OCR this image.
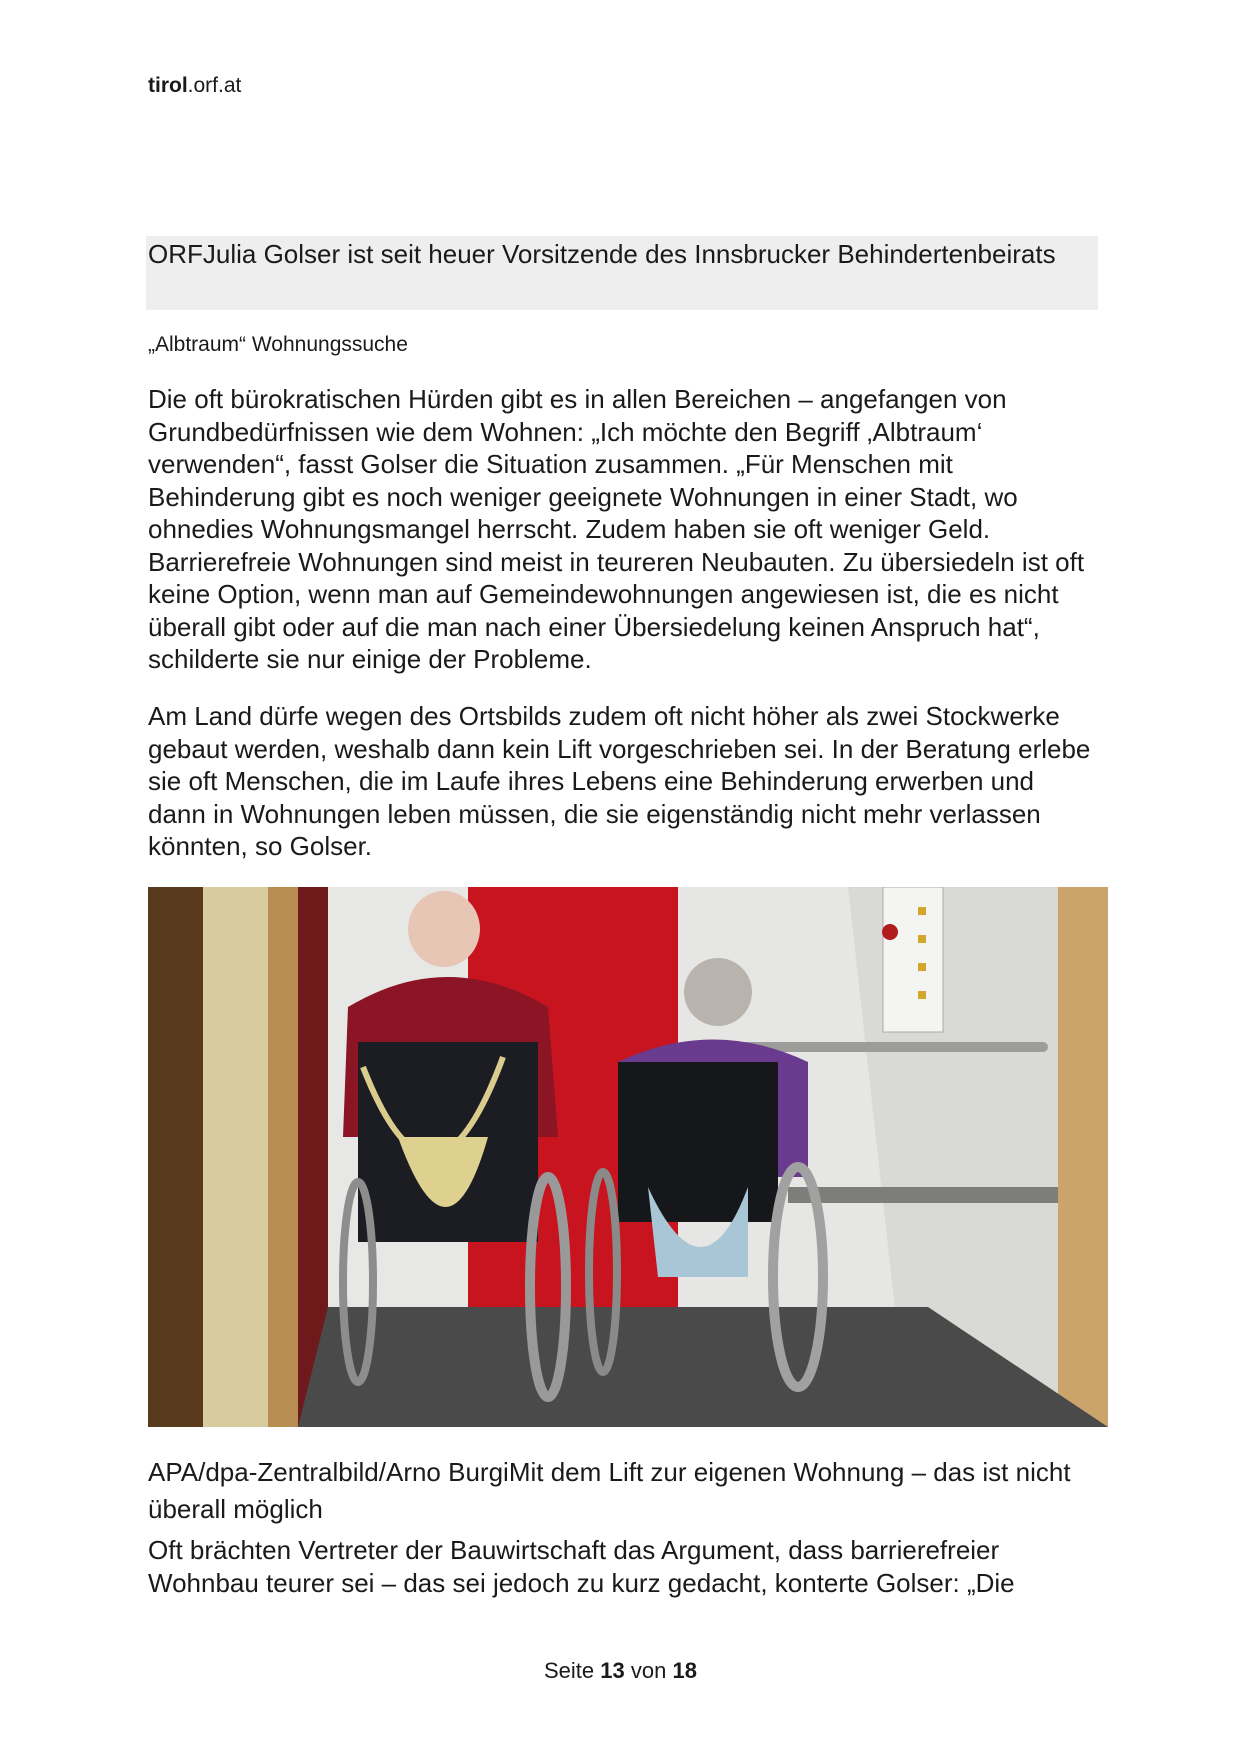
tirol.orf.at

ORFJulia Golser ist seit heuer Vorsitzende des Innsbrucker Behindertenbeirats

„Albtraum“ Wohnungssuche

Die oft bürokratischen Hürden gibt es in allen Bereichen – angefangen von Grundbedürfnissen wie dem Wohnen: „Ich möchte den Begriff ‚Albtraum‘ verwenden“, fasst Golser die Situation zusammen. „Für Menschen mit Behinderung gibt es noch weniger geeignete Wohnungen in einer Stadt, wo ohnedies Wohnungsmangel herrscht. Zudem haben sie oft weniger Geld. Barrierefreie Wohnungen sind meist in teureren Neubauten. Zu übersiedeln ist oft keine Option, wenn man auf Gemeindewohnungen angewiesen ist, die es nicht überall gibt oder auf die man nach einer Übersiedelung keinen Anspruch hat“, schilderte sie nur einige der Probleme.

Am Land dürfe wegen des Ortsbilds zudem oft nicht höher als zwei Stockwerke gebaut werden, weshalb dann kein Lift vorgeschrieben sei. In der Beratung erlebe sie oft Menschen, die im Laufe ihres Lebens eine Behinderung erwerben und dann in Wohnungen leben müssen, die sie eigenständig nicht mehr verlassen könnten, so Golser.

APA/dpa-Zentralbild/Arno BurgiMit dem Lift zur eigenen Wohnung – das ist nicht überall möglich

Oft brächten Vertreter der Bauwirtschaft das Argument, dass barrierefreier Wohnbau teurer sei – das sei jedoch zu kurz gedacht, konterte Golser: „Die

Seite 13 von 18
